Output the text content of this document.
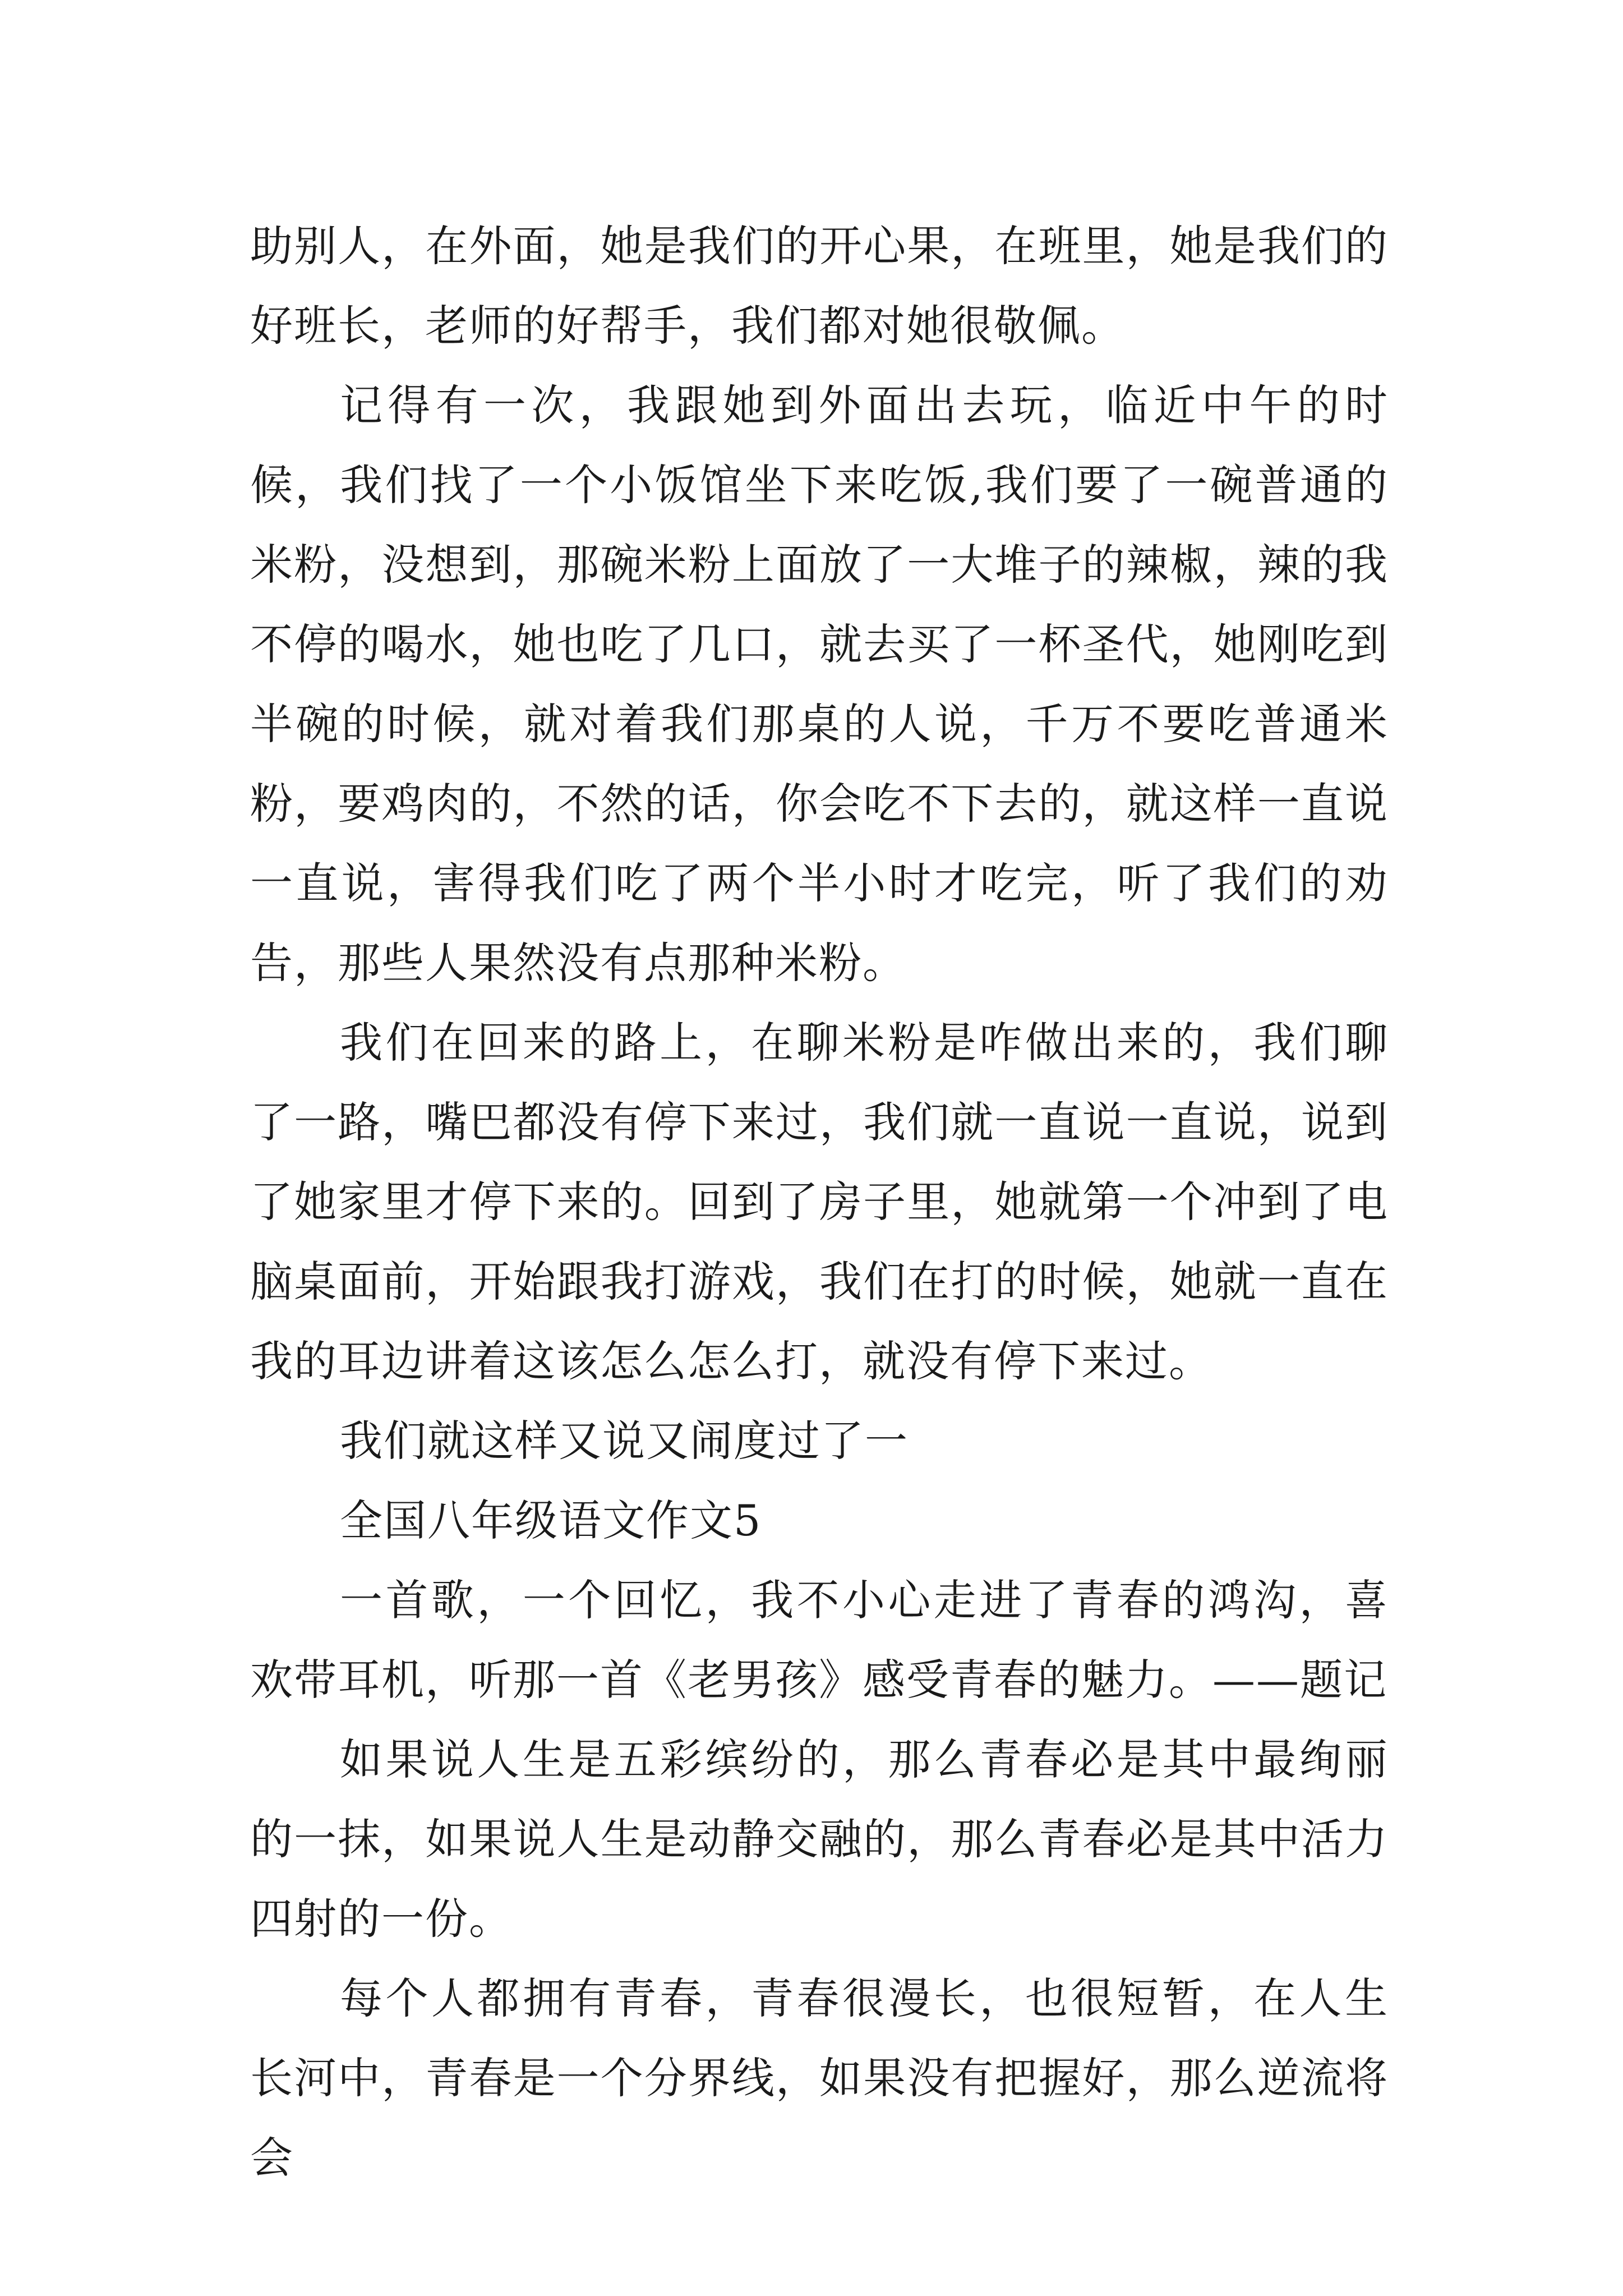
助别人，在外面，她是我们的开心果，在班里，她是我们的好班长，老师的好帮手，我们都对她很敬佩。

记得有一次，我跟她到外面出去玩，临近中午的时候，我们找了一个小饭馆坐下来吃饭,我们要了一碗普通的米粉，没想到，那碗米粉上面放了一大堆子的辣椒，辣的我不停的喝水，她也吃了几口，就去买了一杯圣代，她刚吃到半碗的时候，就对着我们那桌的人说，千万不要吃普通米粉，要鸡肉的，不然的话，你会吃不下去的，就这样一直说一直说，害得我们吃了两个半小时才吃完，听了我们的劝告，那些人果然没有点那种米粉。

我们在回来的路上，在聊米粉是咋做出来的，我们聊了一路，嘴巴都没有停下来过，我们就一直说一直说，说到了她家里才停下来的。回到了房子里，她就第一个冲到了电脑桌面前，开始跟我打游戏，我们在打的时候，她就一直在我的耳边讲着这该怎么怎么打，就没有停下来过。

我们就这样又说又闹度过了一

全国八年级语文作文5

一首歌，一个回忆，我不小心走进了青春的鸿沟，喜欢带耳机，听那一首《老男孩》感受青春的魅力。——题记

如果说人生是五彩缤纷的，那么青春必是其中最绚丽的一抹，如果说人生是动静交融的，那么青春必是其中活力四射的一份。

每个人都拥有青春，青春很漫长，也很短暂，在人生长河中，青春是一个分界线，如果没有把握好，那么逆流将会
